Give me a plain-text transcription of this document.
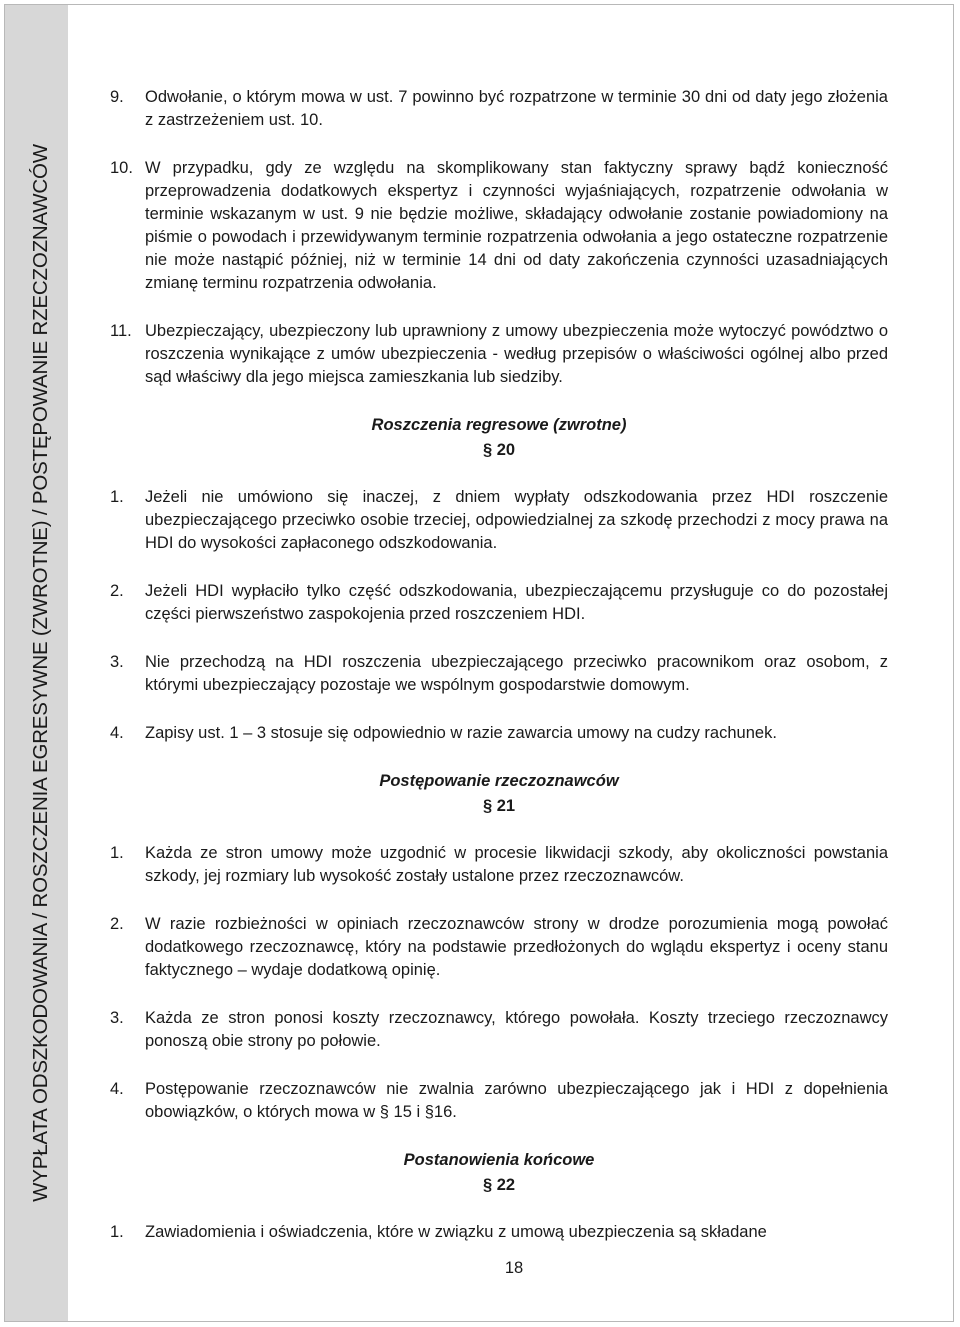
WYPŁATA ODSZKODOWANIA / ROSZCZENIA EGRESYWNE (ZWROTNE) / POSTĘPOWANIE RZECZOZNAWCÓW
9. Odwołanie, o którym mowa w ust. 7 powinno być rozpatrzone w terminie 30 dni od daty jego złożenia z zastrzeżeniem ust. 10.
10. W przypadku, gdy ze względu na skomplikowany stan faktyczny sprawy bądź konieczność przeprowadzenia dodatkowych ekspertyz i czynności wyjaśniających, rozpatrzenie odwołania w terminie wskazanym w ust. 9 nie będzie możliwe, składający odwołanie zostanie powiadomiony na piśmie o powodach i przewidywanym terminie rozpatrzenia odwołania a jego ostateczne rozpatrzenie nie może nastąpić później, niż w terminie 14 dni od daty zakończenia czynności uzasadniających zmianę terminu rozpatrzenia odwołania.
11. Ubezpieczający, ubezpieczony lub uprawniony z umowy ubezpieczenia może wytoczyć powództwo o roszczenia wynikające z umów ubezpieczenia - według przepisów o właściwości ogólnej albo przed sąd właściwy dla jego miejsca zamieszkania lub siedziby.
Roszczenia regresowe (zwrotne)
§ 20
1. Jeżeli nie umówiono się inaczej, z dniem wypłaty odszkodowania przez HDI roszczenie ubezpieczającego przeciwko osobie trzeciej, odpowiedzialnej za szkodę przechodzi z mocy prawa na HDI do wysokości zapłaconego odszkodowania.
2. Jeżeli HDI wypłaciło tylko część odszkodowania, ubezpieczającemu przysługuje co do pozostałej części pierwszeństwo zaspokojenia przed roszczeniem HDI.
3. Nie przechodzą na HDI roszczenia ubezpieczającego przeciwko pracownikom oraz osobom, z którymi ubezpieczający pozostaje we wspólnym gospodarstwie domowym.
4. Zapisy ust. 1 – 3 stosuje się odpowiednio w razie zawarcia umowy na cudzy rachunek.
Postępowanie rzeczoznawców
§ 21
1. Każda ze stron umowy może uzgodnić w procesie likwidacji szkody, aby okoliczności powstania szkody, jej rozmiary lub wysokość zostały ustalone przez rzeczoznawców.
2. W razie rozbieżności w opiniach rzeczoznawców strony w drodze porozumienia mogą powołać dodatkowego rzeczoznawcę, który na podstawie przedłożonych do wglądu ekspertyz i oceny stanu faktycznego – wydaje dodatkową opinię.
3. Każda ze stron ponosi koszty rzeczoznawcy, którego powołała. Koszty trzeciego rzeczoznawcy ponoszą obie strony po połowie.
4. Postępowanie rzeczoznawców nie zwalnia zarówno ubezpieczającego jak i HDI z dopełnienia obowiązków, o których mowa w § 15 i §16.
Postanowienia końcowe
§ 22
1. Zawiadomienia i oświadczenia, które w związku z umową ubezpieczenia są składane
18
